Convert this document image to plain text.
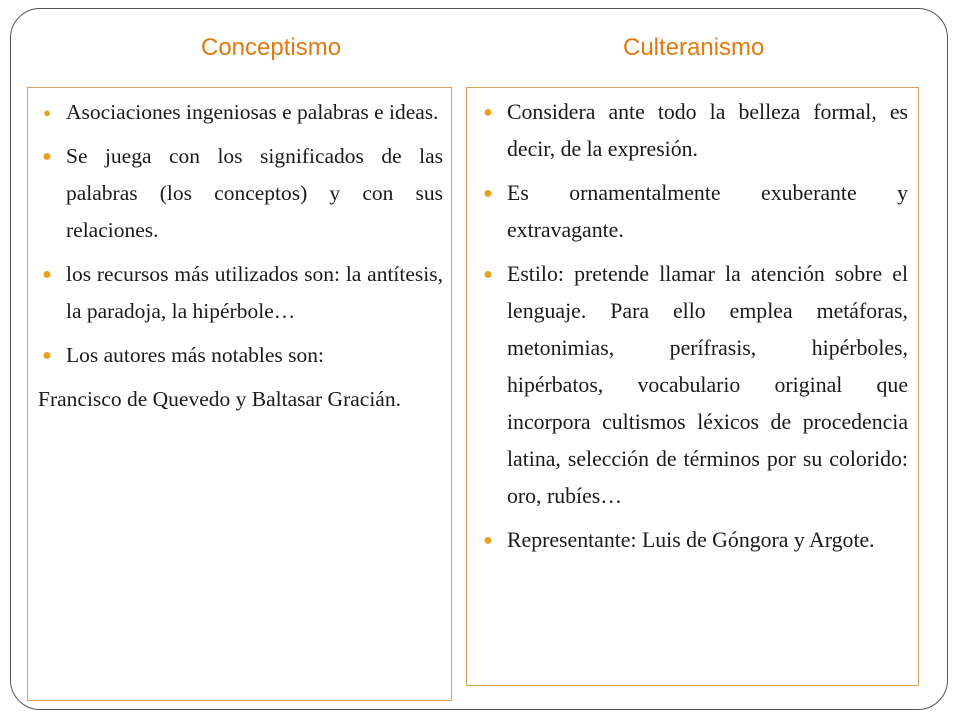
Conceptismo	Culteranismo
● Asociaciones ingeniosas e palabras e ideas.
● Se juega con los significados de las palabras (los conceptos) y con sus relaciones.
● los recursos más utilizados son: la antítesis, la paradoja, la hipérbole…
● Los autores más notables son:
Francisco de Quevedo y Baltasar Gracián.
● Considera ante todo la belleza formal, es decir, de la expresión.
● Es ornamentalmente exuberante y extravagante.
● Estilo: pretende llamar la atención sobre el lenguaje. Para ello emplea metáforas, metonimias, perífrasis, hipérboles, hipérbatos, vocabulario original que incorpora cultismos léxicos de procedencia latina, selección de términos por su colorido: oro, rubíes…
● Representante: Luis de Góngora y Argote.
